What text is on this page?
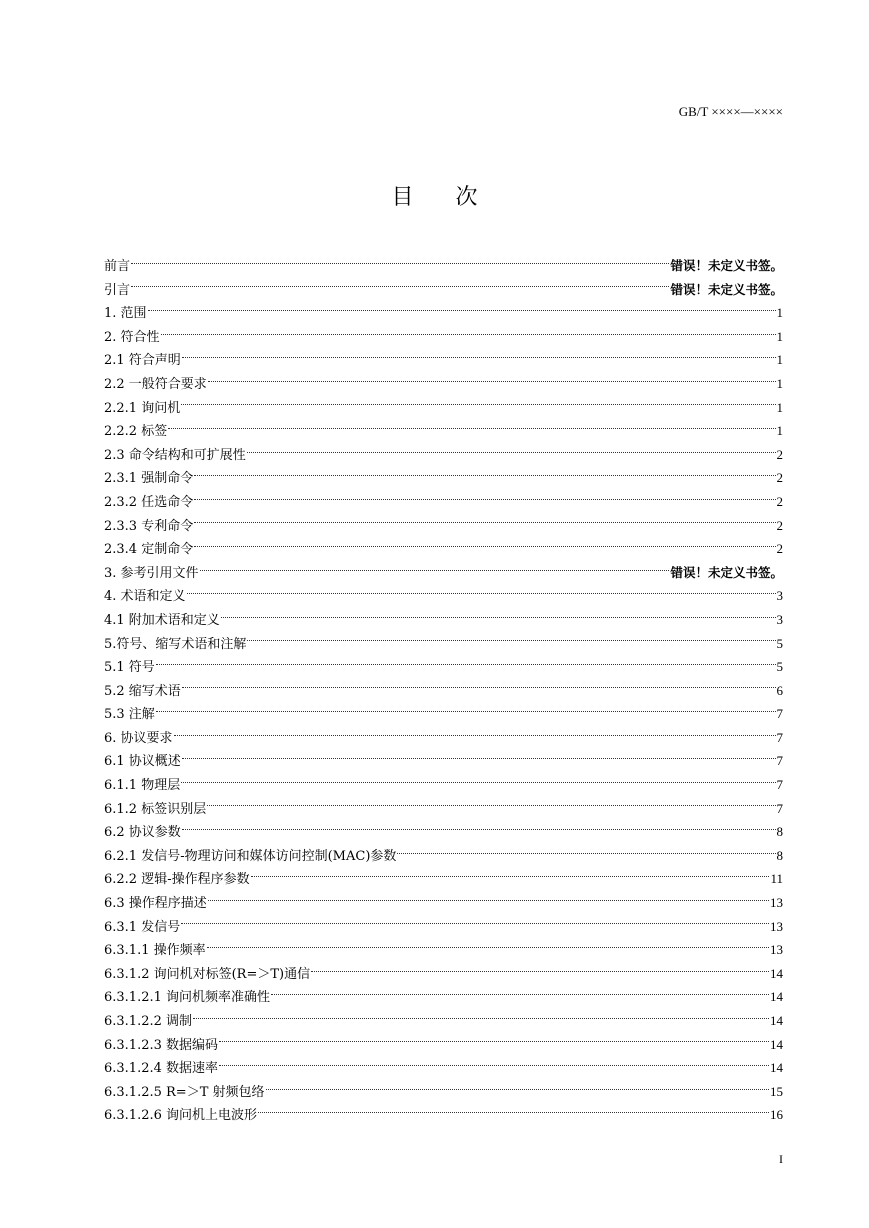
GB/T ××××—××××
目次
前言	错误！未定义书签。
引言	错误！未定义书签。
1. 范围	1
2. 符合性	1
2.1 符合声明	1
2.2 一般符合要求	1
2.2.1 询问机	1
2.2.2 标签	1
2.3 命令结构和可扩展性	2
2.3.1 强制命令	2
2.3.2 任选命令	2
2.3.3 专利命令	2
2.3.4 定制命令	2
3. 参考引用文件	错误！未定义书签。
4. 术语和定义	3
4.1 附加术语和定义	3
5.符号、缩写术语和注解	5
5.1 符号	5
5.2 缩写术语	6
5.3 注解	7
6. 协议要求	7
6.1 协议概述	7
6.1.1 物理层	7
6.1.2 标签识别层	7
6.2 协议参数	8
6.2.1 发信号-物理访问和媒体访问控制(MAC)参数	8
6.2.2 逻辑-操作程序参数	11
6.3 操作程序描述	13
6.3.1 发信号	13
6.3.1.1 操作频率	13
6.3.1.2 询问机对标签(R=＞T)通信	14
6.3.1.2.1 询问机频率准确性	14
6.3.1.2.2 调制	14
6.3.1.2.3 数据编码	14
6.3.1.2.4 数据速率	14
6.3.1.2.5 R=＞T 射频包络	15
6.3.1.2.6 询问机上电波形	16
I
